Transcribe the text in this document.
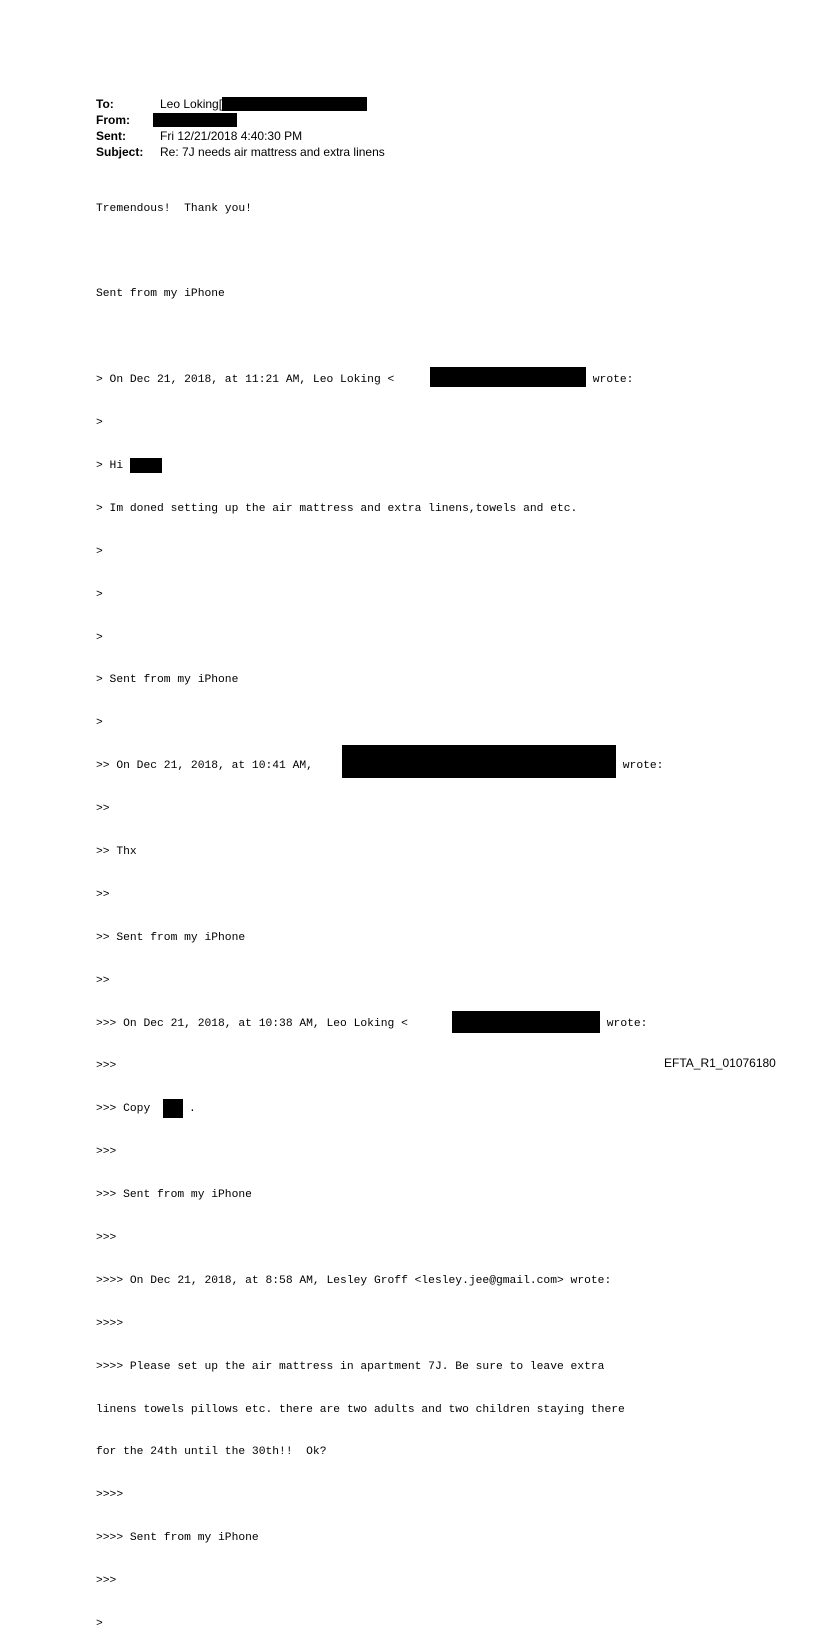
To:	Leo Loking[
From:
Sent:	Fri 12/21/2018 4:40:30 PM
Subject: Re: 7J needs air mattress and extra linens

Tremendous!  Thank you!

Sent from my iPhone

> On Dec 21, 2018, at 11:21 AM, Leo Loking <	wrote:

>

> Hi

> Im doned setting up the air mattress and extra linens,towels and etc.

>

>

>

> Sent from my iPhone

>

>> On Dec 21, 2018, at 10:41 AM,	wrote:

>>

>> Thx

>>

>> Sent from my iPhone

>>

>>> On Dec 21, 2018, at 10:38 AM, Leo Loking <	wrote:

>>>

>>> Copy	.

>>>

>>> Sent from my iPhone

>>>

>>>> On Dec 21, 2018, at 8:58 AM, Lesley Groff <lesley.jee@gmail.com> wrote:

>>>>

>>>> Please set up the air mattress in apartment 7J. Be sure to leave extra

linens towels pillows etc. there are two adults and two children staying there

for the 24th until the 30th!!  Ok?

>>>>

>>>> Sent from my iPhone

>>>

>

EFTA_R1_01076180
